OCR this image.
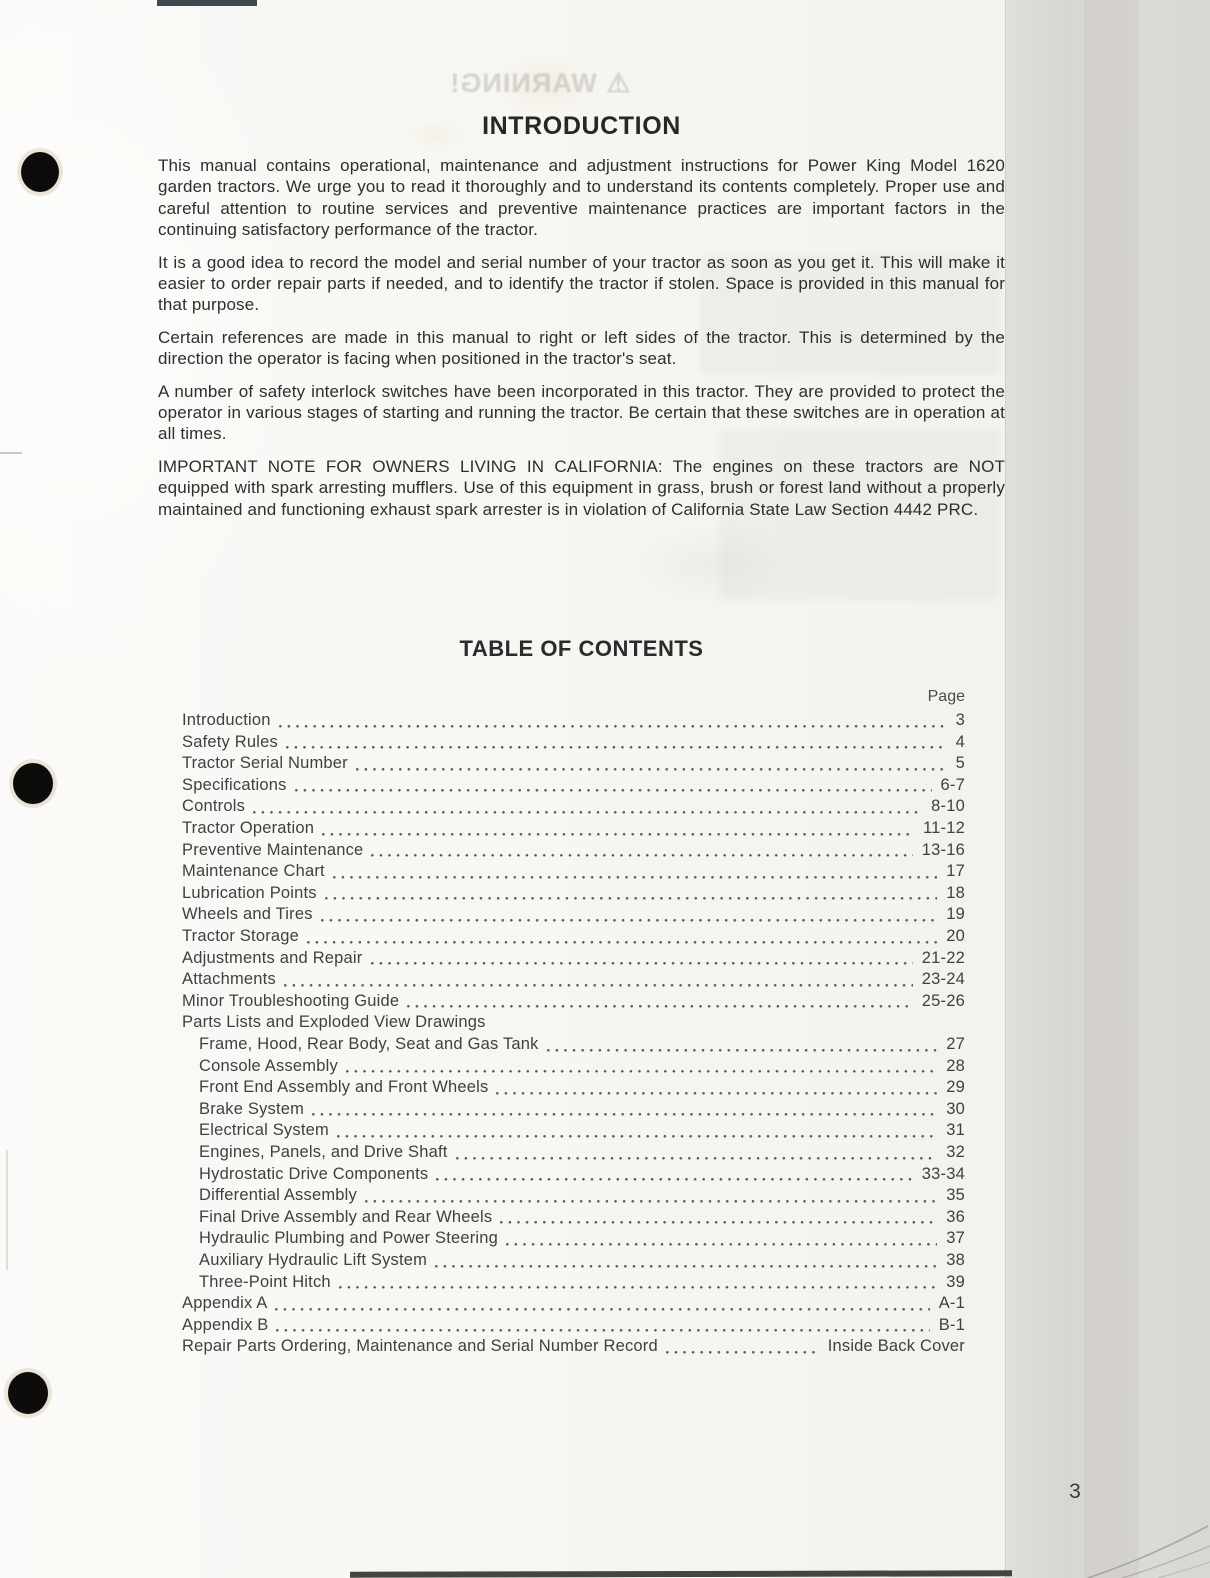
⚠ WARNING!
INTRODUCTION

This manual contains operational, maintenance and adjustment instructions for Power King Model 1620 garden tractors. We urge you to read it thoroughly and to understand its contents completely. Proper use and careful attention to routine services and preventive maintenance practices are important factors in the continuing satisfactory performance of the tractor.

It is a good idea to record the model and serial number of your tractor as soon as you get it. This will make it easier to order repair parts if needed, and to identify the tractor if stolen. Space is provided in this manual for that purpose.

Certain references are made in this manual to right or left sides of the tractor. This is determined by the direction the operator is facing when positioned in the tractor's seat.

A number of safety interlock switches have been incorporated in this tractor. They are provided to protect the operator in various stages of starting and running the tractor. Be certain that these switches are in operation at all times.

IMPORTANT NOTE FOR OWNERS LIVING IN CALIFORNIA: The engines on these tractors are NOT equipped with spark arresting mufflers. Use of this equipment in grass, brush or forest land without a properly maintained and functioning exhaust spark arrester is in violation of California State Law Section 4442 PRC.

TABLE OF CONTENTS
Page
Introduction	3
Safety Rules	4
Tractor Serial Number	5
Specifications	6-7
Controls	8-10
Tractor Operation	11-12
Preventive Maintenance	13-16
Maintenance Chart	17
Lubrication Points	18
Wheels and Tires	19
Tractor Storage	20
Adjustments and Repair	21-22
Attachments	23-24
Minor Troubleshooting Guide	25-26
Parts Lists and Exploded View Drawings
Frame, Hood, Rear Body, Seat and Gas Tank	27
Console Assembly	28
Front End Assembly and Front Wheels	29
Brake System	30
Electrical System	31
Engines, Panels, and Drive Shaft	32
Hydrostatic Drive Components	33-34
Differential Assembly	35
Final Drive Assembly and Rear Wheels	36
Hydraulic Plumbing and Power Steering	37
Auxiliary Hydraulic Lift System	38
Three-Point Hitch	39
Appendix A	A-1
Appendix B	B-1
Repair Parts Ordering, Maintenance and Serial Number Record	Inside Back Cover
3
